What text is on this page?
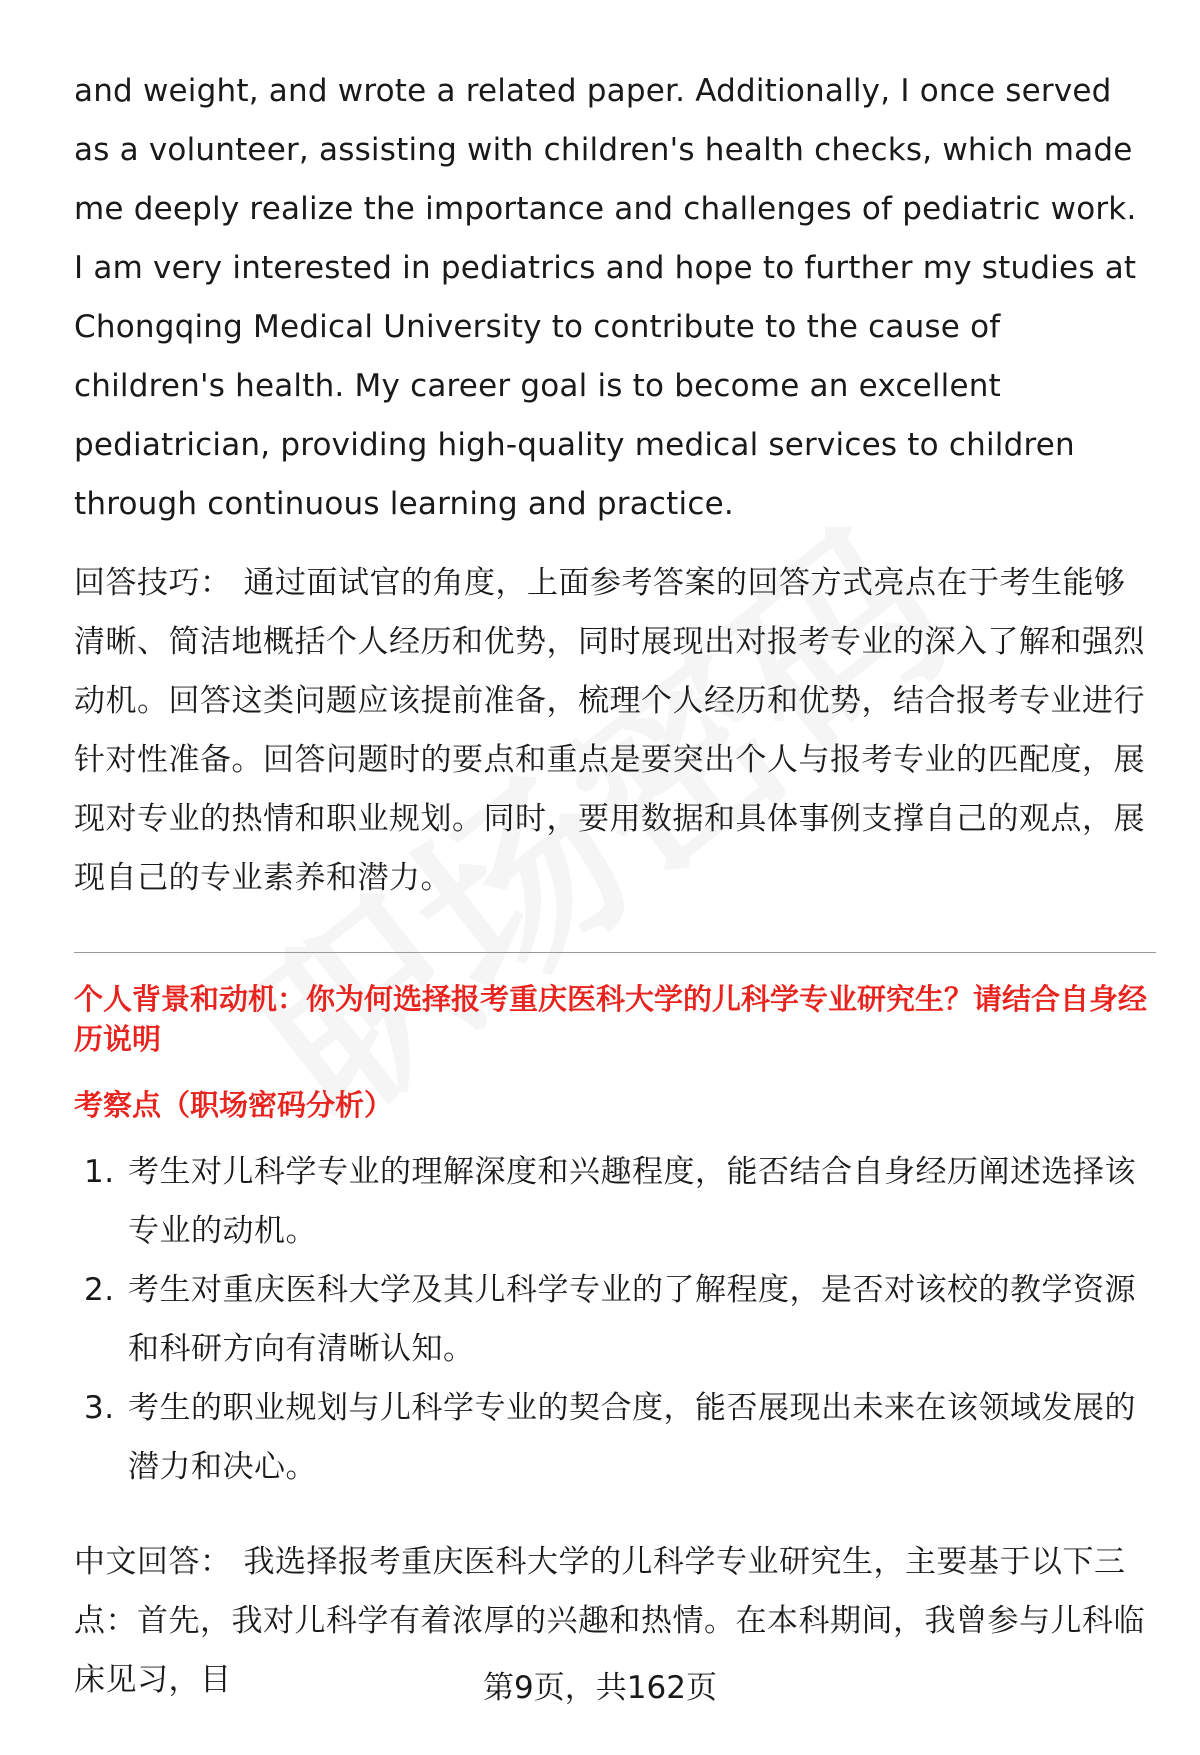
and weight, and wrote a related paper. Additionally, I once served as a volunteer, assisting with children's health checks, which made me deeply realize the importance and challenges of pediatric work. I am very interested in pediatrics and hope to further my studies at Chongqing Medical University to contribute to the cause of children's health. My career goal is to become an excellent pediatrician, providing high-quality medical services to children through continuous learning and practice.

回答技巧： 通过面试官的角度，上面参考答案的回答方式亮点在于考生能够清晰、简洁地概括个人经历和优势，同时展现出对报考专业的深入了解和强烈动机。回答这类问题应该提前准备，梳理个人经历和优势，结合报考专业进行针对性准备。回答问题时的要点和重点是要突出个人与报考专业的匹配度，展现对专业的热情和职业规划。同时，要用数据和具体事例支撑自己的观点，展现自己的专业素养和潜力。

个人背景和动机：你为何选择报考重庆医科大学的儿科学专业研究生？请结合自身经历说明

考察点（职场密码分析）

1. 考生对儿科学专业的理解深度和兴趣程度，能否结合自身经历阐述选择该专业的动机。
2. 考生对重庆医科大学及其儿科学专业的了解程度，是否对该校的教学资源和科研方向有清晰认知。
3. 考生的职业规划与儿科学专业的契合度，能否展现出未来在该领域发展的潜力和决心。

中文回答： 我选择报考重庆医科大学的儿科学专业研究生，主要基于以下三点：首先，我对儿科学有着浓厚的兴趣和热情。在本科期间，我曾参与儿科临床见习，目	第9页，共162页
